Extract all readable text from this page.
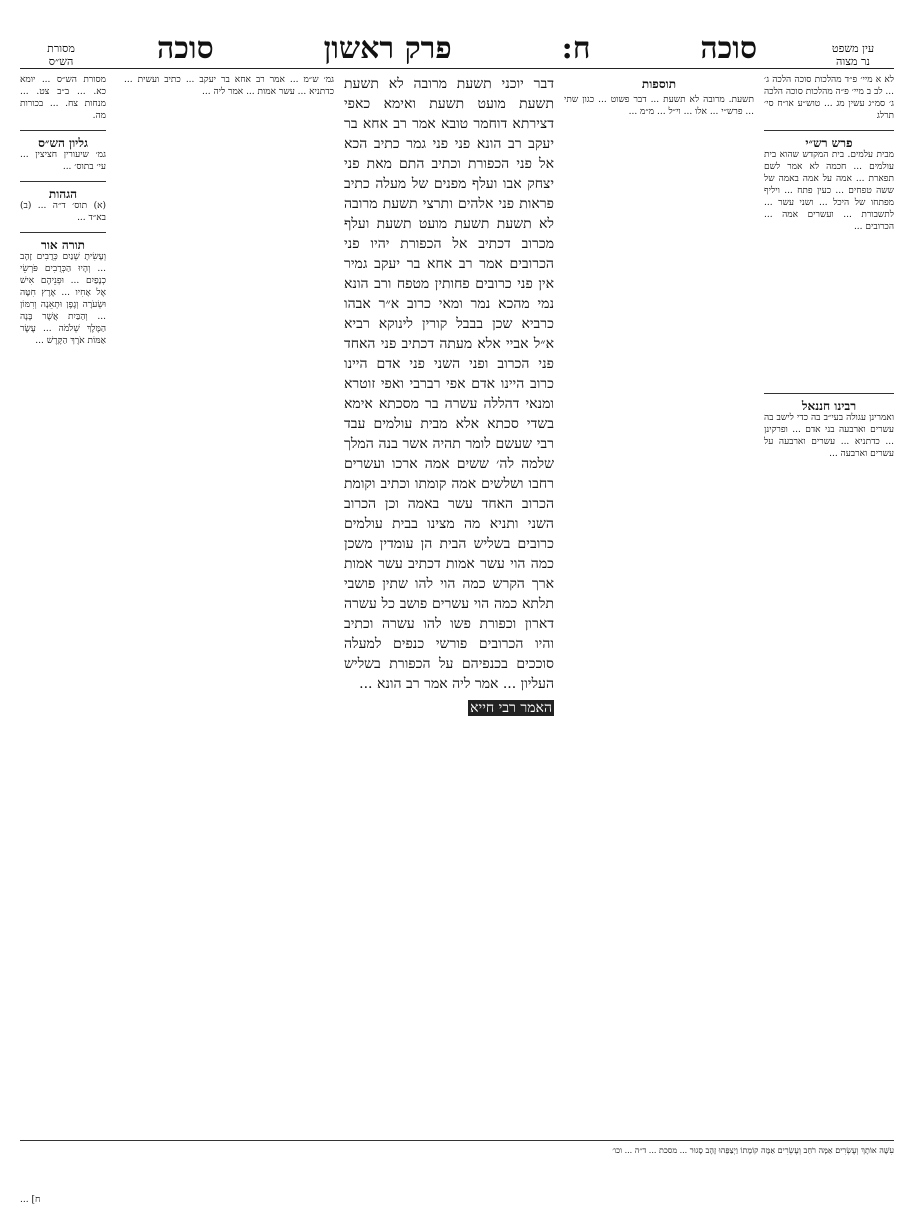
עין משפט
נר מצוה
סוכה
ח:
פרק ראשון
סוכה
מסורת
הש״ס

לא א מיי׳ פ״ד מהלכות סוכה הלכה ג׳ ... לב ב מיי׳ פ״ה מהלכות סוכה הלכה ג׳ סמ״ג עשין מג ... טוש״ע או״ח סי׳ תרלג

פרש רש״י

מבית עלמים. בית המקדש שהוא בית עולמים ... חכמה לא אמר לשם תפארת ... אמה על אמה באמה של ששה טפחים ... כעין פתח ... ויליף מפתחו של היכל ... ושני עשר ... לתשבורת ... ועשרים אמה ... הכרובים ...

רבינו חננאל

ואמרינן עגולה בעי״ב בה כדי לישב בה עשרים וארבעה בני אדם ... ופרקינן ... כדתניא ... עשרים וארבעה על עשרים וארבעה ...

תוספות

תשעת. מרובה לא תשעת ... דבר פשוט ... כגון שתי ... פרש״י ... אלו ... וי״ל ... מ״מ ...

דבר יוכני תשעת מרובה לא תשעת תשעת מועט תשעת ואימא כאפי דצירתא דוחמר טובא אמר רב אחא בר יעקב רב הונא פני פני גמר כתיב הכא אל פני הכפורת וכתיב התם מאת פני יצחק אבו ועלף מפנים של מעלה כתיב פראות פני אלהים ותרצי תשעת מרובה לא תשעת תשעת מועט תשעת ועלף מכרוב דכתיב אל הכפורת יהיו פני הכרובים אמר רב אחא בר יעקב גמיר אין פני כרובים פחותין מטפח ורב הונא נמי מהכא נמר ומאי כרוב א״ר אבהו כרביא שכן בבבל קורין לינוקא רביא א״ל אביי אלא מעתה דכתיב פני האחד פני הכרוב ופני השני פני אדם היינו כרוב היינו אדם אפי רברבי ואפי זוטרא ומנאי דהללה עשרה בר מסכתא אימא בשדי סכתא אלא מבית עולמים עבד רבי שעשם לומר תהיה אשר בנה המלך שלמה לה׳ ששים אמה ארכו ועשרים רחבו ושלשים אמה קומתו וכתיב וקומת הכרוב האחד עשר באמה וכן הכרוב השני ותניא מה מצינו בבית עולמים כרובים בשליש הבית הן עומדין משכן כמה הוי עשר אמות דכתיב עשר אמות ארך הקרש כמה הוי להו שתין פושבי תלתא כמה הוי עשרים פושב כל עשרה דארון וכפורת פשו להו עשרה וכתיב והיו הכרובים פורשי כנפים למעלה סוככים בכנפיהם על הכפורת בשליש העליון ... אמר ליה אמר רב הונא ...

האמר רבי חייא

גמ׳ ש״מ ... אמר רב אחא בר יעקב ... כתיב ועשית ... כדתניא ... עשר אמות ... אמר ליה ...

מסורת הש״ס ... יומא כא. ... ב״ב צט. ... מנחות צח. ... בכורות מה.

גליון הש״ס

גמ׳ שיעורין חציצין ... עי׳ בתוס׳ ...

הגהות

(א) תוס׳ ד״ה ... (ב) בא״ד ...

תורה אור

וְעָשִׂיתָ שְׁנַיִם כְּרֻבִים זָהָב ... וְהָיוּ הַכְּרֻבִים פֹּרְשֵׂי כְנָפַיִם ... וּפְנֵיהֶם אִישׁ אֶל אָחִיו ... אֶרֶץ חִטָּה וּשְׂעֹרָה וְגֶפֶן וּתְאֵנָה וְרִמּוֹן ... וְהַבַּיִת אֲשֶׁר בָּנָה הַמֶּלֶךְ שְׁלֹמֹה ... עֶשֶׂר אַמּוֹת אֹרֶךְ הַקָּרֶשׁ ...

עִשָּׁה אוֹתָךְ וְעֶשְׂרִים אַמָּה רֹחַב וְעֶשְׂרִים אַמָּה קוֹמָתוֹ וַיְצַפֵּהוּ זָהָב סָגוּר ... מסכת ... ד״ה ... וכו׳
ח] ...
